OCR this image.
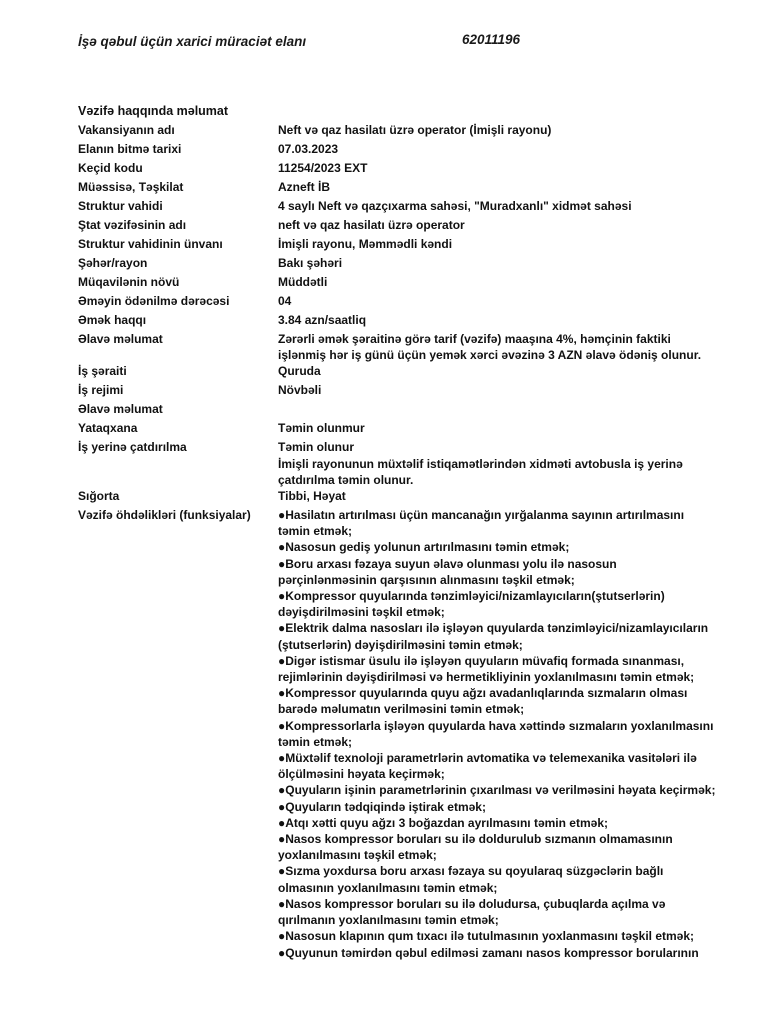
İşə qəbul üçün xarici müraciət elanı	62011196
Vəzifə haqqında məlumat
Vakansiyanın adı	Neft və qaz hasilatı üzrə operator (İmişli rayonu)
Elanın bitmə tarixi	07.03.2023
Keçid kodu	11254/2023 EXT
Müəssisə, Təşkilat	Azneft İB
Struktur vahidi	4 saylı Neft və qazçıxarma sahəsi, "Muradxanlı" xidmət sahəsi
Ştat vəzifəsinin adı	neft və qaz hasilatı üzrə operator
Struktur vahidinin ünvanı	İmişli rayonu, Məmmədli kəndi
Şəhər/rayon	Bakı şəhəri
Müqavilənin növü	Müddətli
Əməyin ödənilmə dərəcəsi	04
Əmək haqqı	3.84 azn/saatliq
Əlavə məlumat	Zərərli əmək şəraitinə görə tarif (vəzifə) maaşına 4%, həmçinin faktiki işlənmiş hər iş günü üçün yemək xərci əvəzinə 3 AZN əlavə ödəniş olunur.
İş şəraiti	Quruda
İş rejimi	Növbəli
Əlavə məlumat

Yataqxana	Təmin olunmur
İş yerinə çatdırılma	Təmin olunur
İmişli rayonunun müxtəlif istiqamətlərindən xidməti avtobusla iş yerinə çatdırılma təmin olunur.
Sığorta	Tibbi, Həyat
Vəzifə öhdəlikləri (funksiyalar)	●Hasilatın artırılması üçün mancanağın yırğalanma sayının artırılmasını təmin etmək;
●Nasosun gediş yolunun artırılmasını təmin etmək;
●Boru arxası fəzaya suyun əlavə olunması yolu ilə nasosun pərçinlənməsinin qarşısının alınmasını təşkil etmək;
●Kompressor quyularında tənzimləyici/nizamlayıcıların(ştutserlərin) dəyişdirilməsini təşkil etmək;
●Elektrik dalma nasosları ilə işləyən quyularda tənzimləyici/nizamlayıcıların (ştutserlərin) dəyişdirilməsini təmin etmək;
●Digər istismar üsulu ilə işləyən quyuların müvafiq formada sınanması, rejimlərinin dəyişdirilməsi və hermetikliyinin yoxlanılmasını təmin etmək;
●Kompressor quyularında quyu ağzı avadanlıqlarında sızmaların olması barədə məlumatın verilməsini təmin etmək;
●Kompressorlarla işləyən quyularda hava xəttində sızmaların yoxlanılmasını təmin etmək;
●Müxtəlif texnoloji parametrlərin avtomatika və telemexanika vasitələri ilə ölçülməsini həyata keçirmək;
●Quyuların işinin parametrlərinin çıxarılması və verilməsini həyata keçirmək;
●Quyuların tədqiqində iştirak etmək;
●Atqı xətti quyu ağzı 3 boğazdan ayrılmasını təmin etmək;
●Nasos kompressor boruları su ilə doldurulub sızmanın olmamasının yoxlanılmasını təşkil etmək;
●Sızma yoxdursa boru arxası fəzaya su qoyularaq süzgəclərin bağlı olmasının yoxlanılmasını təmin etmək;
●Nasos kompressor boruları su ilə doludursa, çubuqlarda açılma və qırılmanın yoxlanılmasını təmin etmək;
●Nasosun klapının qum tıxacı ilə tutulmasının yoxlanmasını təşkil etmək;
●Quyunun təmirdən qəbul edilməsi zamanı nasos kompressor borularının
